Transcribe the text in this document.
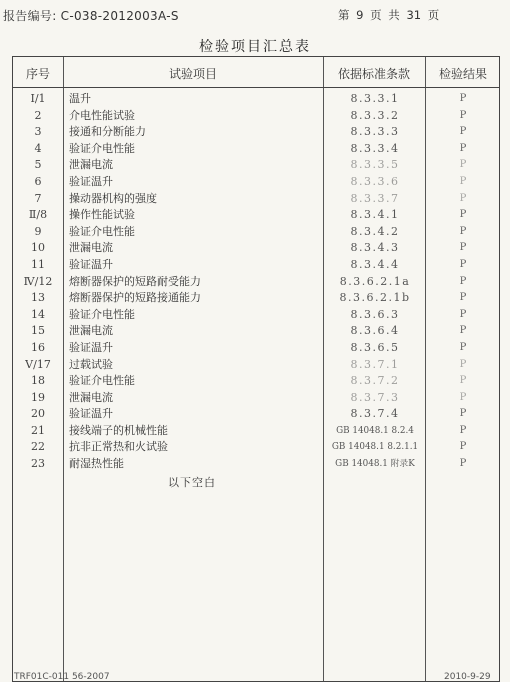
报告编号: C-038-2012003A-S	第 9 页 共 31 页
检验项目汇总表
序号	试验项目	依据标准条款	检验结果
Ⅰ/1	温升	8.3.3.1	P
2	介电性能试验	8.3.3.2	P
3	接通和分断能力	8.3.3.3	P
4	验证介电性能	8.3.3.4	P
5	泄漏电流	8.3.3.5	P
6	验证温升	8.3.3.6	P
7	操动器机构的强度	8.3.3.7	P
Ⅱ/8	操作性能试验	8.3.4.1	P
9	验证介电性能	8.3.4.2	P
10	泄漏电流	8.3.4.3	P
11	验证温升	8.3.4.4	P
Ⅳ/12	熔断器保护的短路耐受能力	8.3.6.2.1a	P
13	熔断器保护的短路接通能力	8.3.6.2.1b	P
14	验证介电性能	8.3.6.3	P
15	泄漏电流	8.3.6.4	P
16	验证温升	8.3.6.5	P
Ⅴ/17	过载试验	8.3.7.1	P
18	验证介电性能	8.3.7.2	P
19	泄漏电流	8.3.7.3	P
20	验证温升	8.3.7.4	P
21	接线端子的机械性能	GB 14048.1 8.2.4	P
22	抗非正常热和火试验	GB 14048.1 8.2.1.1	P
23	耐湿热性能	GB 14048.1 附录K	P
以下空白
TRF01C-011 56-2007	2010-9-29
